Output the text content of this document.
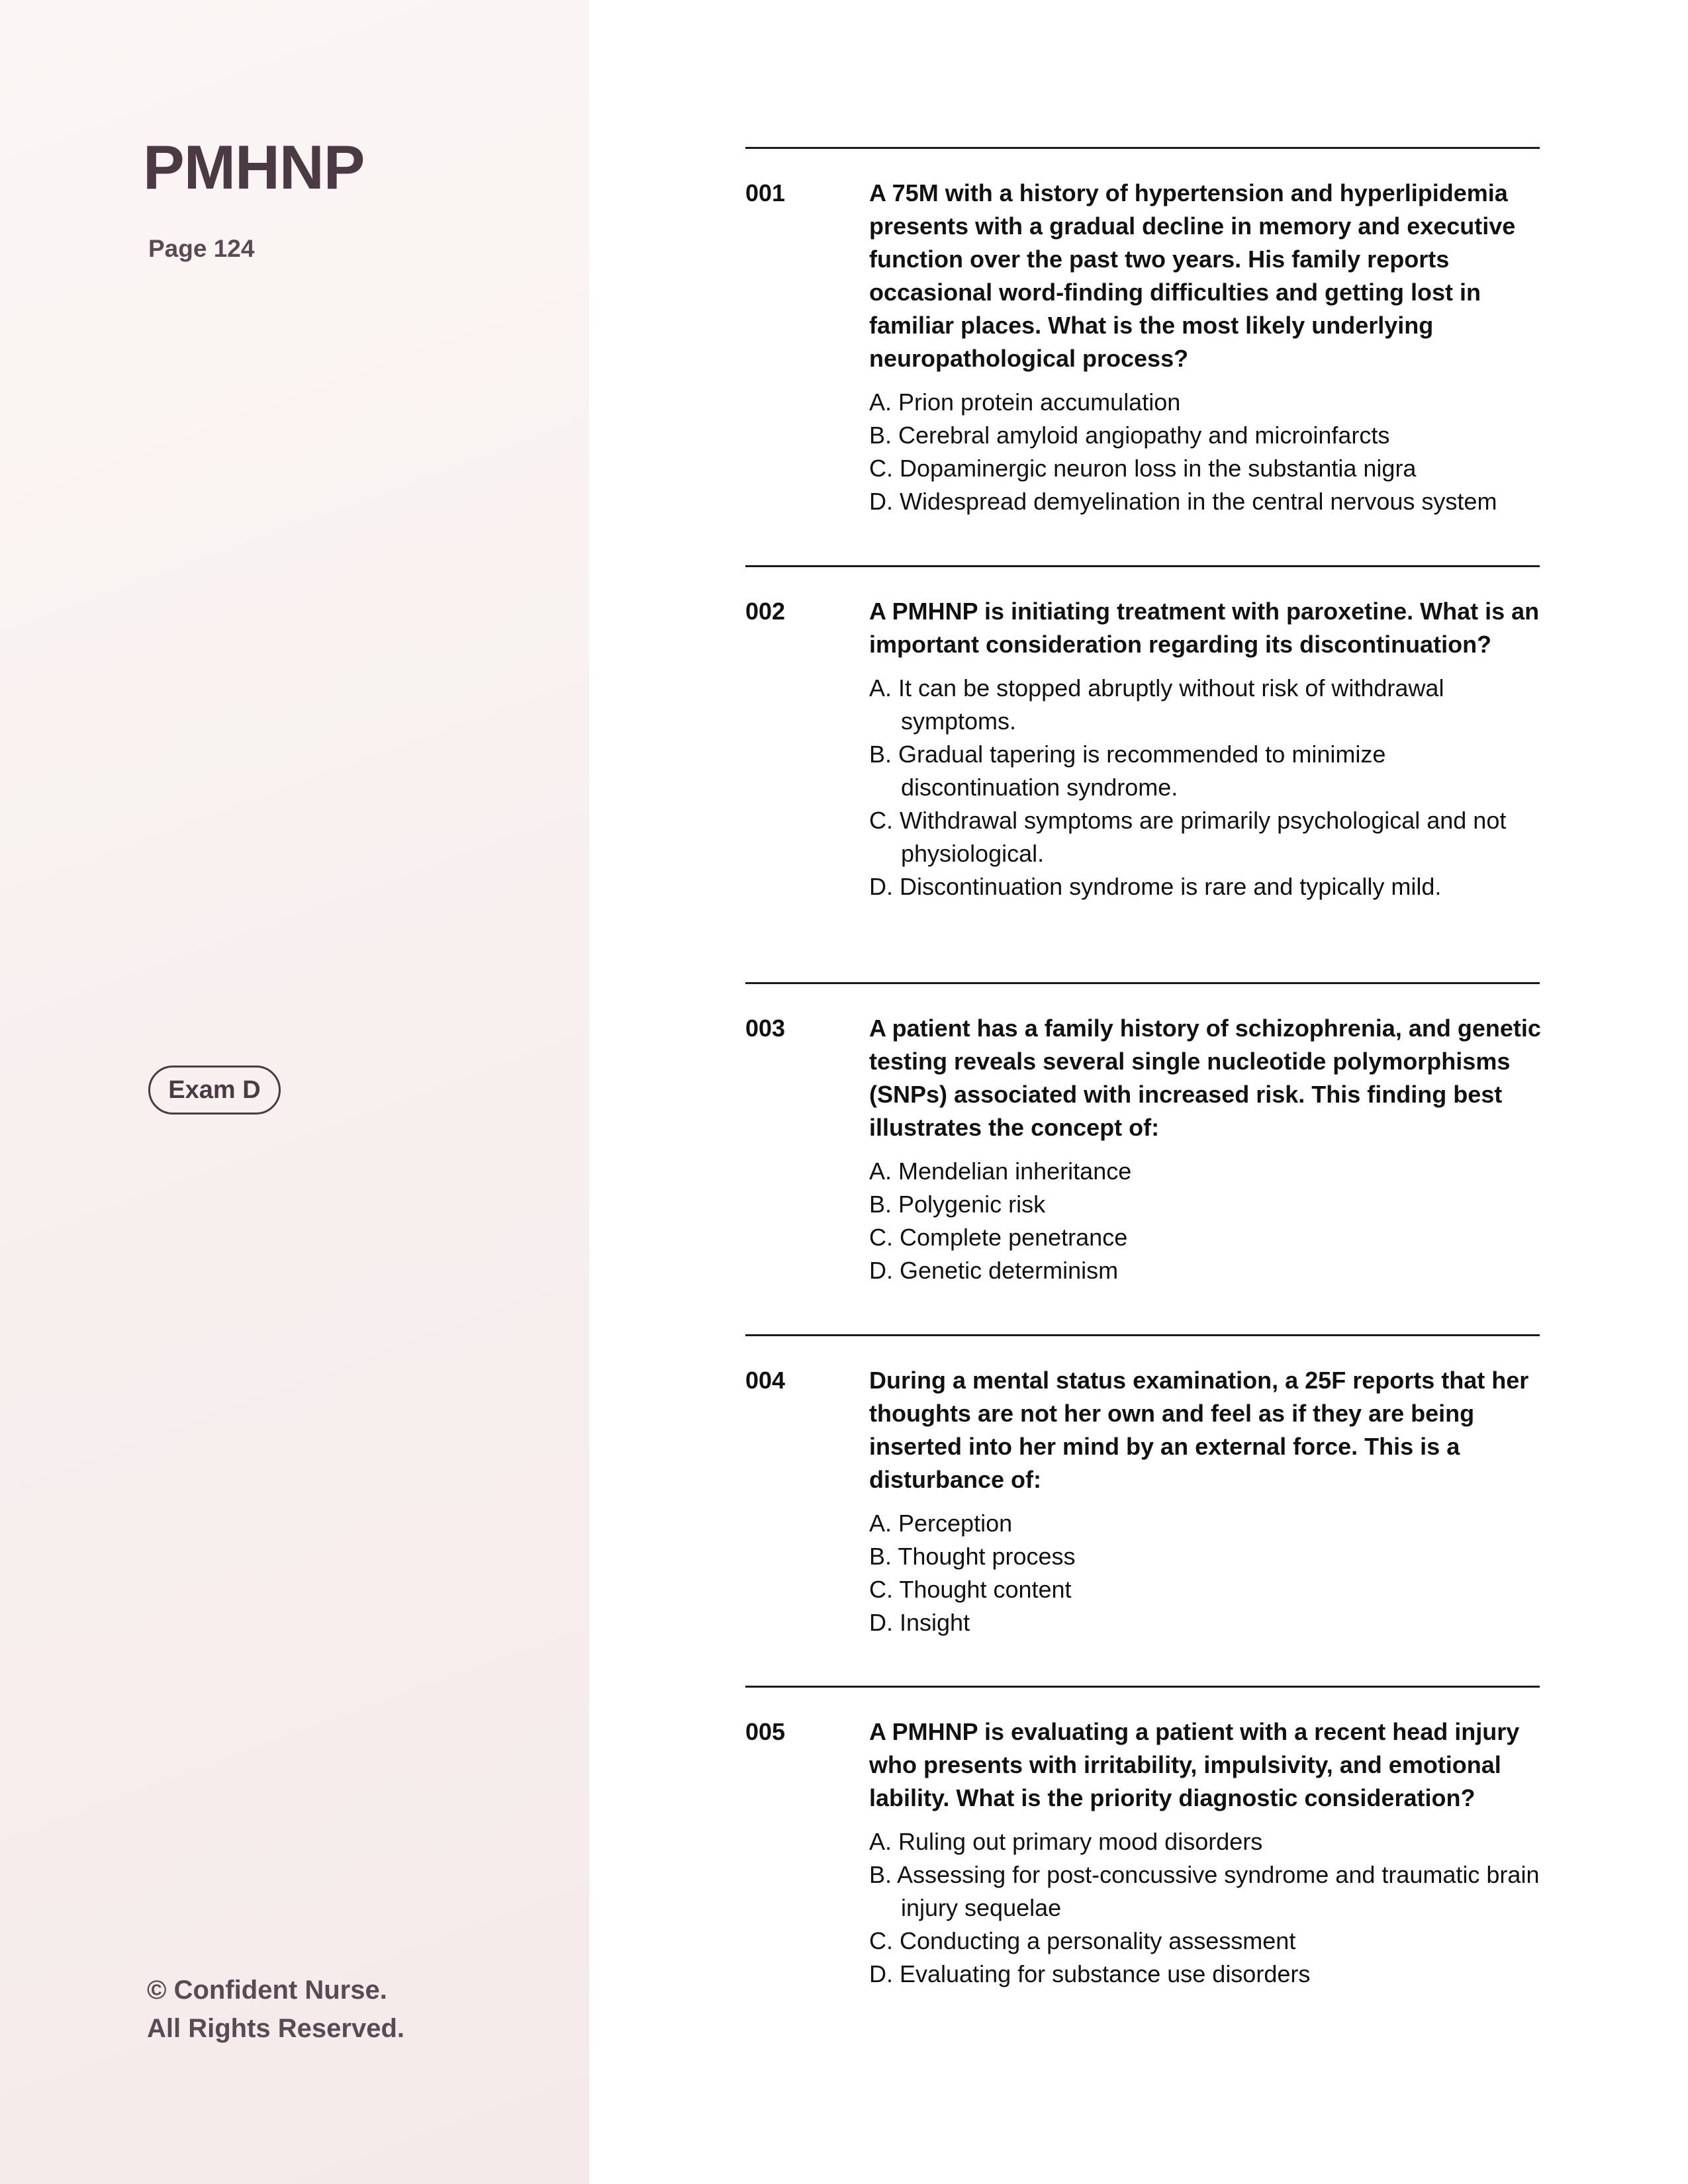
PMHNP
Page 124
Exam D
© Confident Nurse.
All Rights Reserved.
001	A 75M with a history of hypertension and hyperlipidemia presents with a gradual decline in memory and executive function over the past two years. His family reports occasional word-finding difficulties and getting lost in familiar places. What is the most likely underlying neuropathological process?

A. Prion protein accumulation
B. Cerebral amyloid angiopathy and microinfarcts
C. Dopaminergic neuron loss in the substantia nigra
D. Widespread demyelination in the central nervous system
002	A PMHNP is initiating treatment with paroxetine. What is an important consideration regarding its discontinuation?

A. It can be stopped abruptly without risk of withdrawal symptoms.
B. Gradual tapering is recommended to minimize discontinuation syndrome.
C. Withdrawal symptoms are primarily psychological and not physiological.
D. Discontinuation syndrome is rare and typically mild.
003	A patient has a family history of schizophrenia, and genetic testing reveals several single nucleotide polymorphisms (SNPs) associated with increased risk. This finding best illustrates the concept of:

A. Mendelian inheritance
B. Polygenic risk
C. Complete penetrance
D. Genetic determinism
004	During a mental status examination, a 25F reports that her thoughts are not her own and feel as if they are being inserted into her mind by an external force. This is a disturbance of:

A. Perception
B. Thought process
C. Thought content
D. Insight
005	A PMHNP is evaluating a patient with a recent head injury who presents with irritability, impulsivity, and emotional lability. What is the priority diagnostic consideration?

A. Ruling out primary mood disorders
B. Assessing for post-concussive syndrome and traumatic brain injury sequelae
C. Conducting a personality assessment
D. Evaluating for substance use disorders
